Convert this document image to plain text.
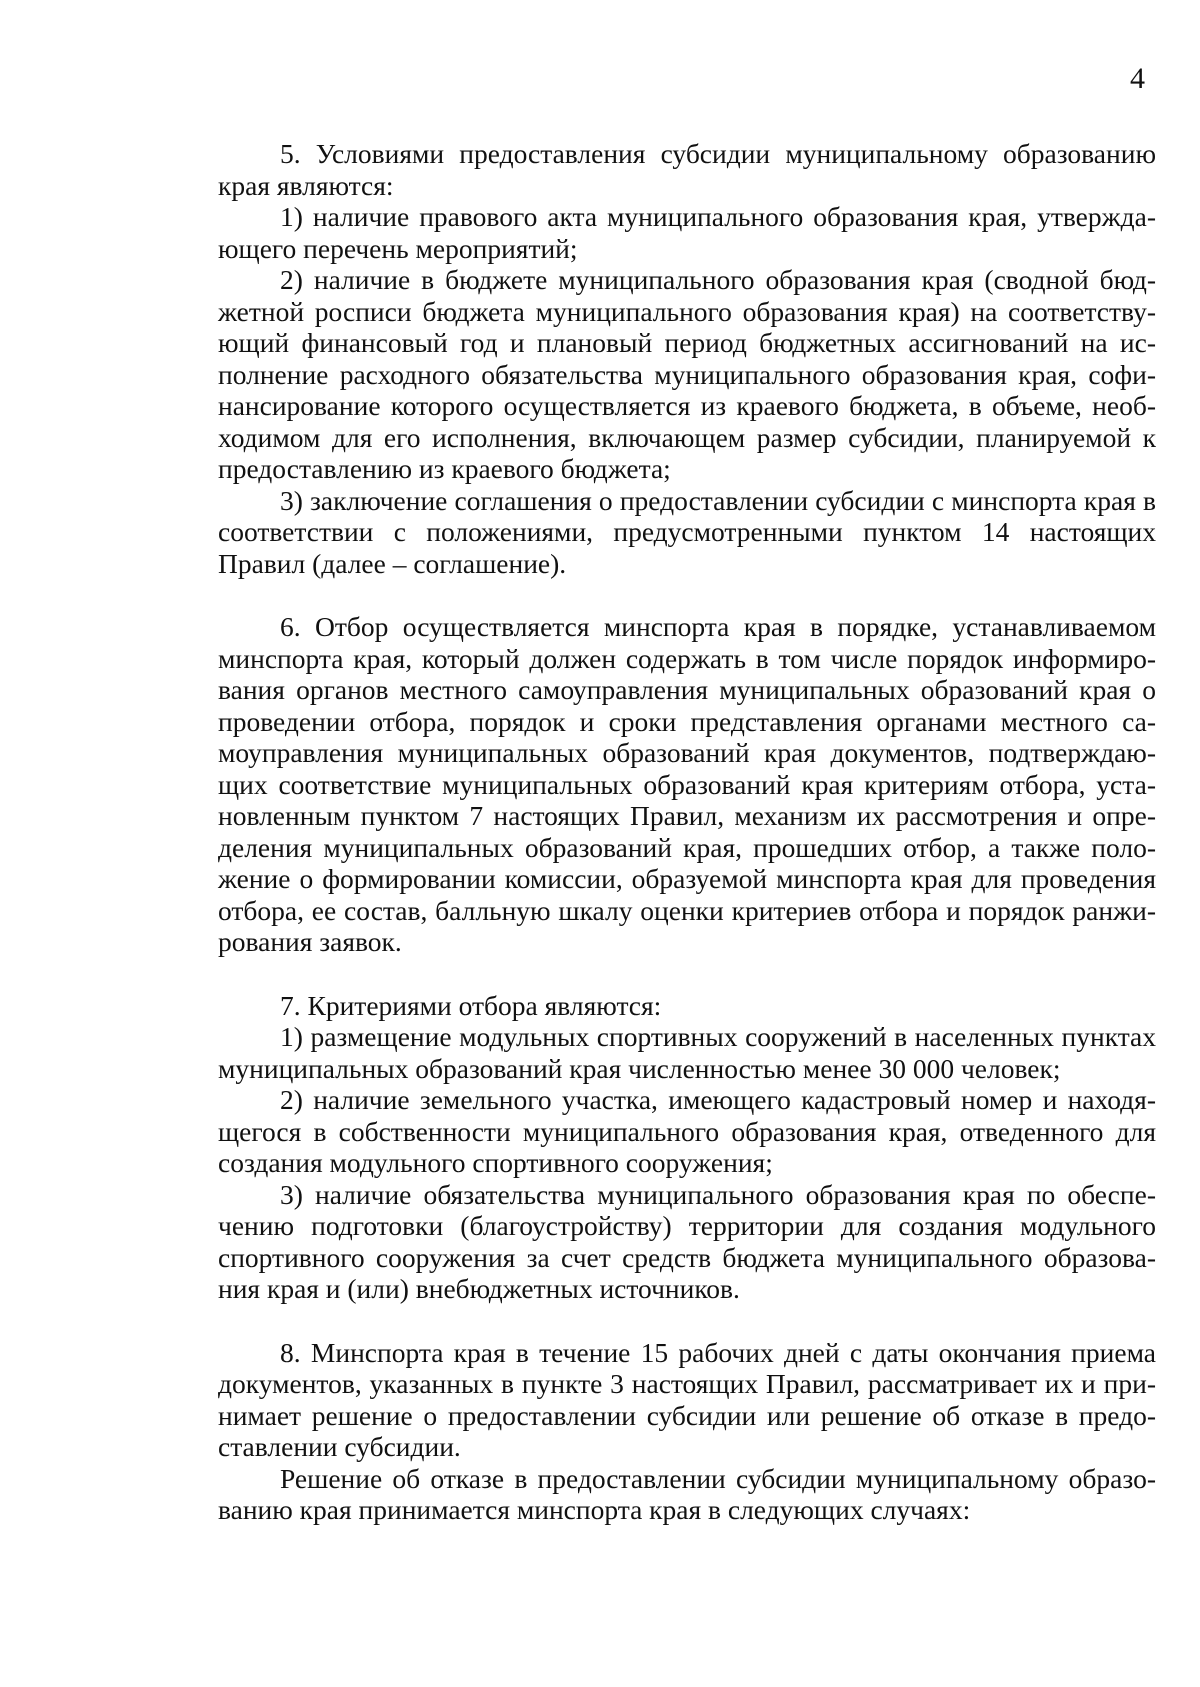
4

5. Условиями предоставления субсидии муниципальному образованию края являются:

1) наличие правового акта муниципального образования края, утверждающего перечень мероприятий;

2) наличие в бюджете муниципального образования края (сводной бюджетной росписи бюджета муниципального образования края) на соответствующий финансовый год и плановый период бюджетных ассигнований на исполнение расходного обязательства муниципального образования края, софинансирование которого осуществляется из краевого бюджета, в объеме, необходимом для его исполнения, включающем размер субсидии, планируемой к предоставлению из краевого бюджета;

3) заключение соглашения о предоставлении субсидии с минспорта края в соответствии с положениями, предусмотренными пунктом 14 настоящих Правил (далее – соглашение).

6. Отбор осуществляется минспорта края в порядке, устанавливаемом минспорта края, который должен содержать в том числе порядок информирования органов местного самоуправления муниципальных образований края о проведении отбора, порядок и сроки представления органами местного самоуправления муниципальных образований края документов, подтверждающих соответствие муниципальных образований края критериям отбора, установленным пунктом 7 настоящих Правил, механизм их рассмотрения и определения муниципальных образований края, прошедших отбор, а также положение о формировании комиссии, образуемой минспорта края для проведения отбора, ее состав, балльную шкалу оценки критериев отбора и порядок ранжирования заявок.

7. Критериями отбора являются:

1) размещение модульных спортивных сооружений в населенных пунктах муниципальных образований края численностью менее 30 000 человек;

2) наличие земельного участка, имеющего кадастровый номер и находящегося в собственности муниципального образования края, отведенного для создания модульного спортивного сооружения;

3) наличие обязательства муниципального образования края по обеспечению подготовки (благоустройству) территории для создания модульного спортивного сооружения за счет средств бюджета муниципального образования края и (или) внебюджетных источников.

8. Минспорта края в течение 15 рабочих дней с даты окончания приема документов, указанных в пункте 3 настоящих Правил, рассматривает их и принимает решение о предоставлении субсидии или решение об отказе в предоставлении субсидии.

Решение об отказе в предоставлении субсидии муниципальному образованию края принимается минспорта края в следующих случаях:
